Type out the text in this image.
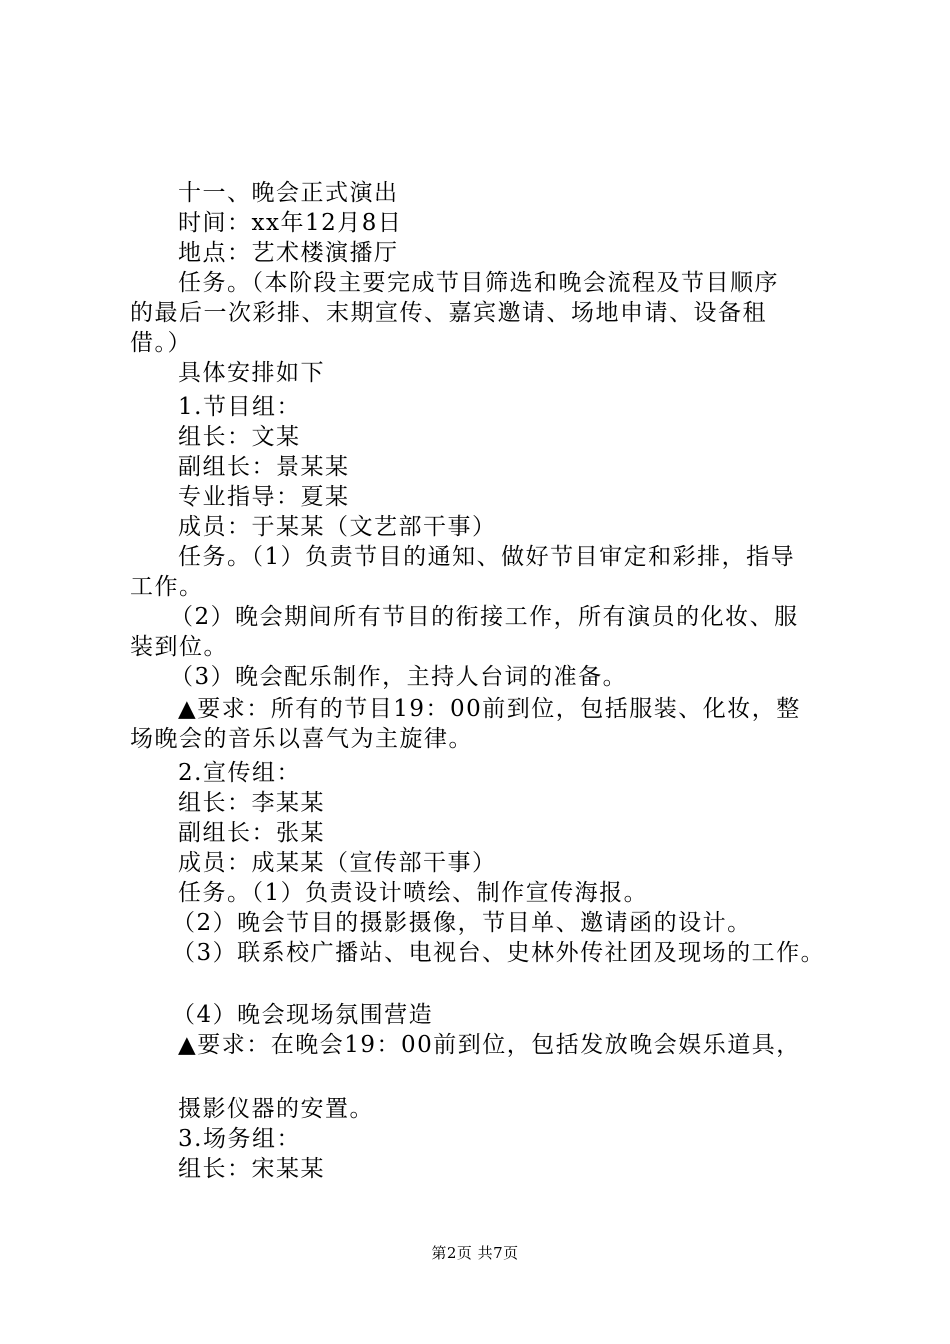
十一、晚会正式演出
时间：xx年12月8日
地点：艺术楼演播厅
任务。（本阶段主要完成节目筛选和晚会流程及节目顺序
的最后一次彩排、末期宣传、嘉宾邀请、场地申请、设备租
借。）
具体安排如下
1.节目组：
组长：文某
副组长：景某某
专业指导：夏某
成员：于某某（文艺部干事）
任务。（1）负责节目的通知、做好节目审定和彩排，指导
工作。
（2）晚会期间所有节目的衔接工作，所有演员的化妆、服
装到位。
（3）晚会配乐制作，主持人台词的准备。
▲要求：所有的节目19：00前到位，包括服装、化妆，整
场晚会的音乐以喜气为主旋律。
2.宣传组：
组长：李某某
副组长：张某
成员：成某某（宣传部干事）
任务。（1）负责设计喷绘、制作宣传海报。
（2）晚会节目的摄影摄像，节目单、邀请函的设计。
（3）联系校广播站、电视台、史林外传社团及现场的工作。
（4）晚会现场氛围营造
▲要求：在晚会19：00前到位，包括发放晚会娱乐道具，
摄影仪器的安置。
3.场务组：
组长：宋某某
第2页 共7页
